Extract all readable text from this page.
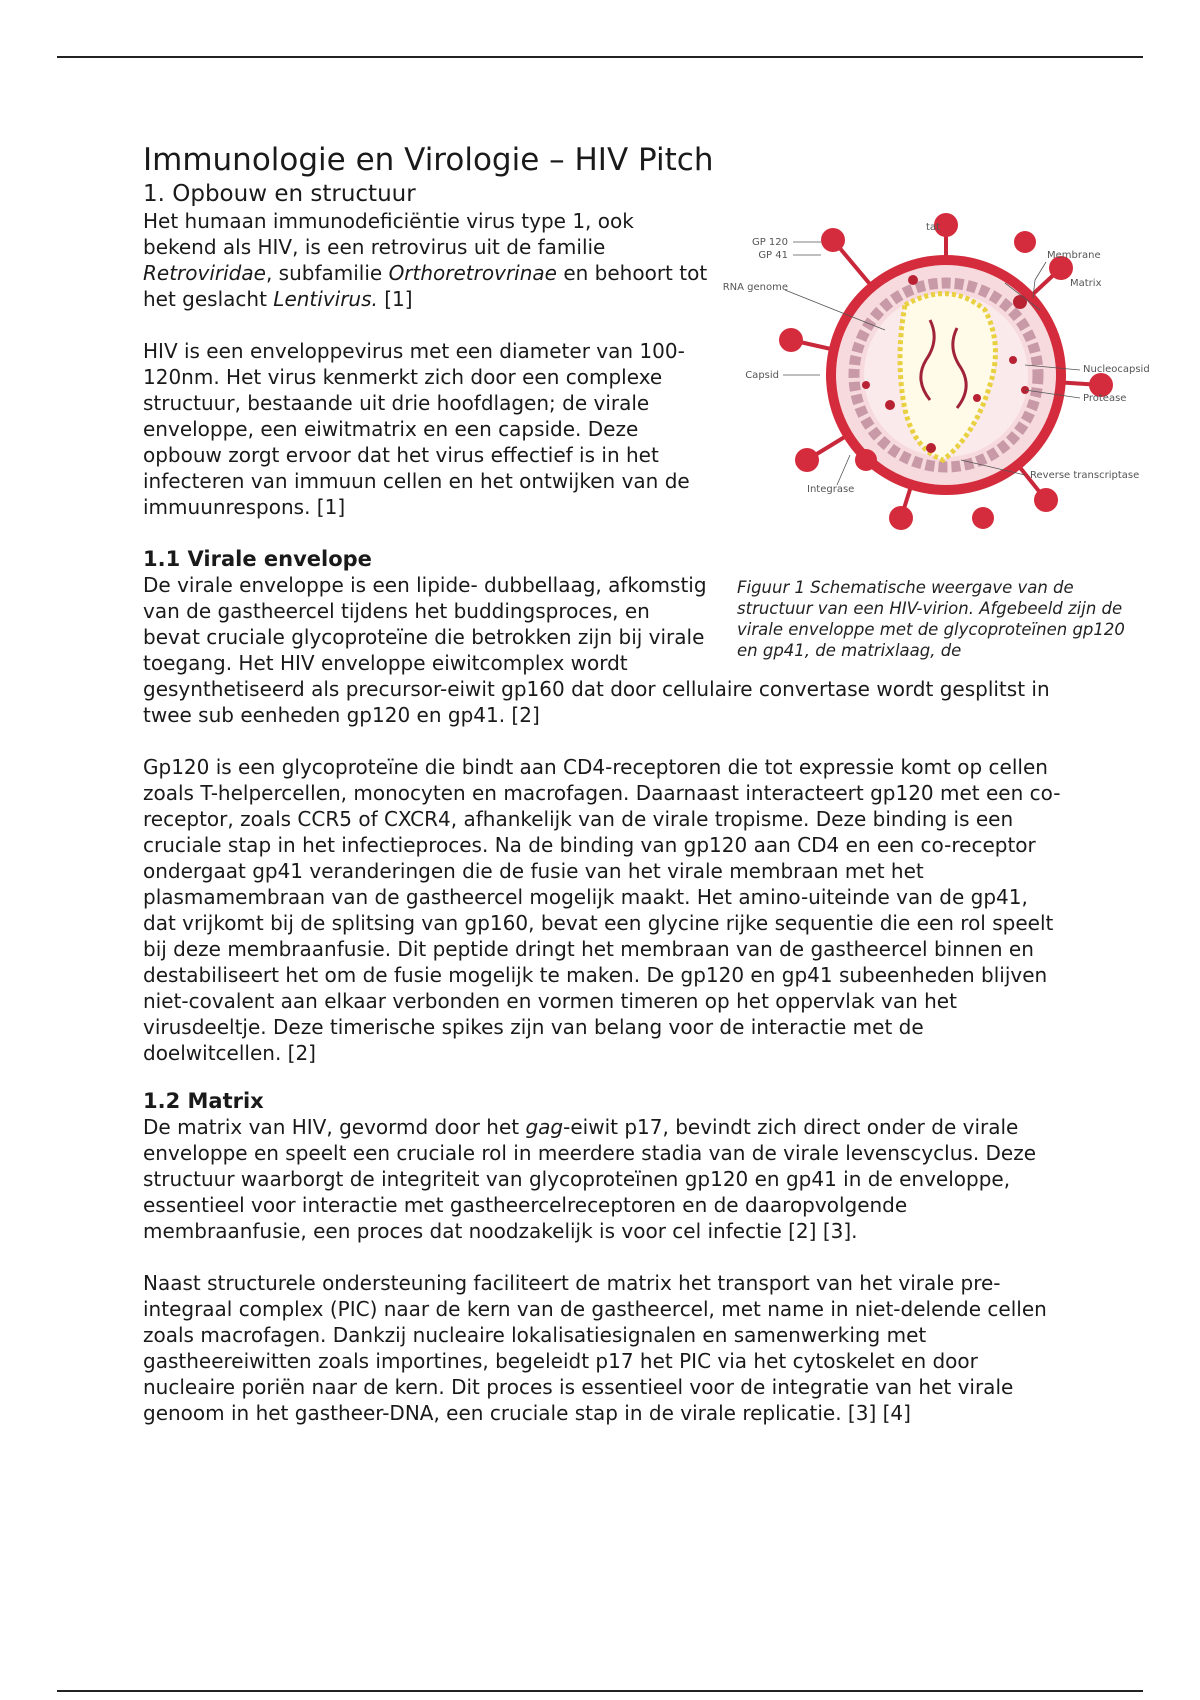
Immunologie en Virologie – HIV Pitch
1. Opbouw en structuur

Het humaan immunodeficiëntie virus type 1, ook bekend als HIV, is een retrovirus uit de familie Retroviridae, subfamilie Orthoretrovrinae en behoort tot het geslacht Lentivirus. [1]

HIV is een enveloppevirus met een diameter van 100-120nm. Het virus kenmerkt zich door een complexe structuur, bestaande uit drie hoofdlagen; de virale enveloppe, een eiwitmatrix en een capside. Deze opbouw zorgt ervoor dat het virus effectief is in het infecteren van immuun cellen en het ontwijken van de immuunrespons. [1]

1.1 Virale envelope

De virale enveloppe is een lipide- dubbellaag, afkomstig van de gastheercel tijdens het buddingsproces, en bevat cruciale glycoproteïne die betrokken zijn bij virale toegang. Het HIV enveloppe eiwitcomplex wordt gesynthetiseerd als precursor-eiwit gp160 dat door cellulaire convertase wordt gesplitst in twee sub eenheden gp120 en gp41. [2]

Gp120 is een glycoproteïne die bindt aan CD4-receptoren die tot expressie komt op cellen zoals T-helpercellen, monocyten en macrofagen. Daarnaast interacteert gp120 met een co-receptor, zoals CCR5 of CXCR4, afhankelijk van de virale tropisme. Deze binding is een cruciale stap in het infectieproces. Na de binding van gp120 aan CD4 en een co-receptor ondergaat gp41 veranderingen die de fusie van het virale membraan met het plasmamembraan van de gastheercel mogelijk maakt. Het amino-uiteinde van de gp41, dat vrijkomt bij de splitsing van gp160, bevat een glycine rijke sequentie die een rol speelt bij deze membraanfusie. Dit peptide dringt het membraan van de gastheercel binnen en destabiliseert het om de fusie mogelijk te maken. De gp120 en gp41 subeenheden blijven niet-covalent aan elkaar verbonden en vormen timeren op het oppervlak van het virusdeeltje. Deze timerische spikes zijn van belang voor de interactie met de doelwitcellen. [2]

1.2 Matrix

De matrix van HIV, gevormd door het gag-eiwit p17, bevindt zich direct onder de virale enveloppe en speelt een cruciale rol in meerdere stadia van de virale levenscyclus. Deze structuur waarborgt de integriteit van glycoproteïnen gp120 en gp41 in de enveloppe, essentieel voor interactie met gastheercelreceptoren en de daaropvolgende membraanfusie, een proces dat noodzakelijk is voor cel infectie [2] [3].

Naast structurele ondersteuning faciliteert de matrix het transport van het virale pre-integraal complex (PIC) naar de kern van de gastheercel, met name in niet-delende cellen zoals macrofagen. Dankzij nucleaire lokalisatiesignalen en samenwerking met gastheereiwitten zoals importines, begeleidt p17 het PIC via het cytoskelet en door nucleaire poriën naar de kern. Dit proces is essentieel voor de integratie van het virale genoom in het gastheer-DNA, een cruciale stap in de virale replicatie. [3] [4]

GP 120
GP 41
RNA genome
tat
Membrane
Matrix
Nucleocapsid
Protease
Capsid
Integrase
Reverse transcriptase
Figuur 1 Schematische weergave van de structuur van een HIV-virion. Afgebeeld zijn de virale enveloppe met de glycoproteïnen gp120 en gp41, de matrixlaag, de
